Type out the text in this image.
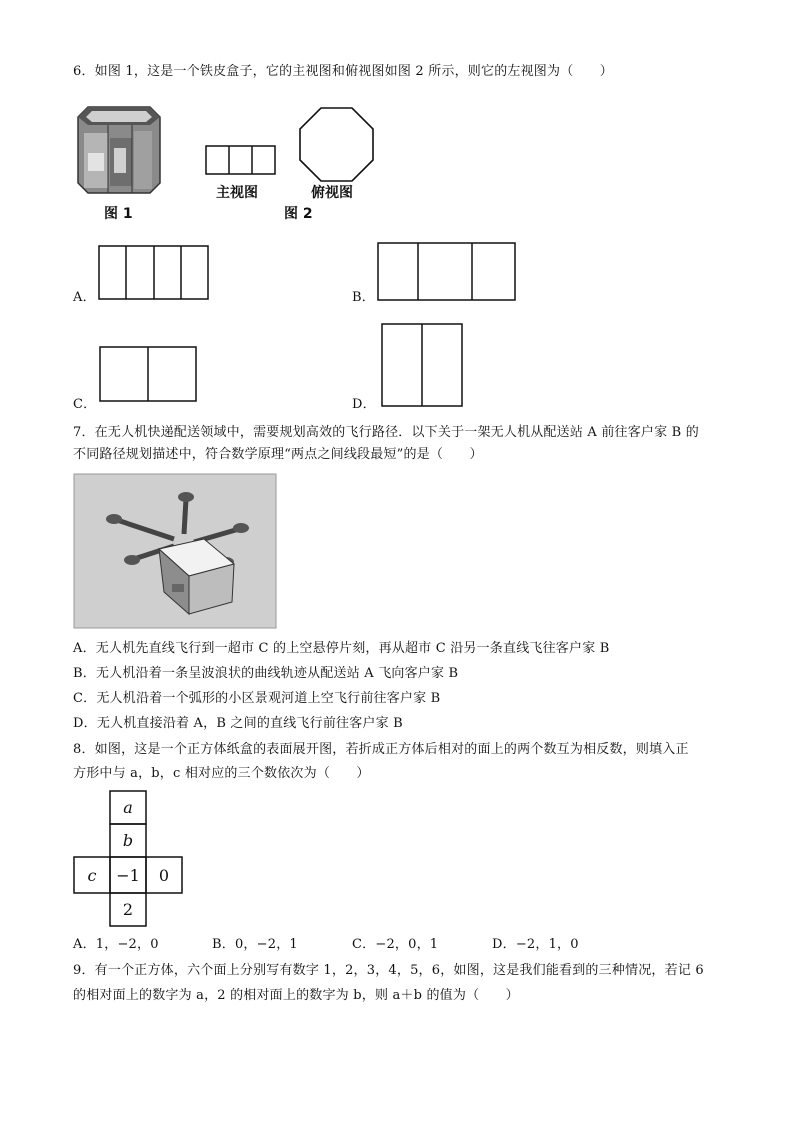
6．如图 1，这是一个铁皮盒子，它的主视图和俯视图如图 2 所示，则它的左视图为（　　）
图 1
主视图	俯视图
图 2
A．	B．
C．	D．
7．在无人机快递配送领域中，需要规划高效的飞行路径．以下关于一架无人机从配送站 A 前往客户家 B 的
不同路径规划描述中，符合数学原理“两点之间线段最短”的是（　　）
A．无人机先直线飞行到一超市 C 的上空悬停片刻，再从超市 C 沿另一条直线飞往客户家 B
B．无人机沿着一条呈波浪状的曲线轨迹从配送站 A 飞向客户家 B
C．无人机沿着一个弧形的小区景观河道上空飞行前往客户家 B
D．无人机直接沿着 A，B 之间的直线飞行前往客户家 B
8．如图，这是一个正方体纸盒的表面展开图，若折成正方体后相对的面上的两个数互为相反数，则填入正
方形中与 a，b，c 相对应的三个数依次为（　　）
a
b
c −1 0
2
A．1，−2，0	B．0，−2，1	C．−2，0，1	D．−2，1，0
9．有一个正方体，六个面上分别写有数字 1，2，3，4，5，6，如图，这是我们能看到的三种情况，若记 6
的相对面上的数字为 a，2 的相对面上的数字为 b，则 a＋b 的值为（　　）
